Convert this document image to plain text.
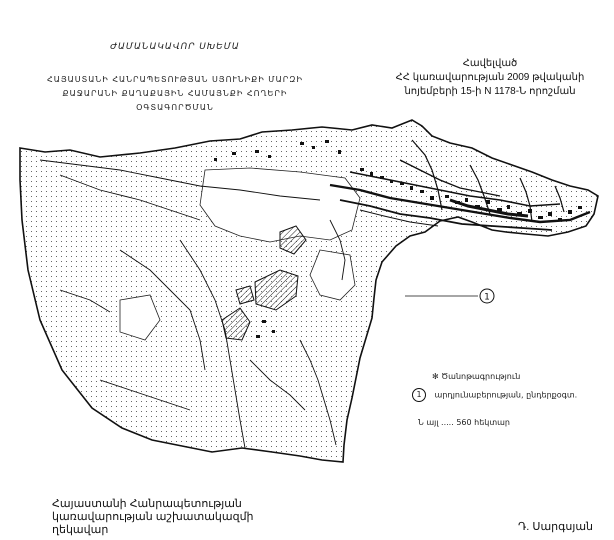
ԺԱՄԱՆԱԿԱՎՈՐ ՍԽԵՄԱ
ՀԱՅԱՍՏԱՆԻ ՀԱՆՐԱՊԵՏՈՒԹՅԱՆ ՍՅՈՒՆԻՔԻ ՄԱՐԶԻ
ՔԱՋԱՐԱՆԻ ՔԱՂԱՔԱՅԻՆ ՀԱՄԱՅՆՔԻ ՀՈՂԵՐԻ
ՕԳՏԱԳՈՐԾՄԱՆ
Հավելված
ՀՀ կառավարության 2009 թվականի
նոյեմբերի 15-ի N 1178-Ն որոշման
1
✻ Ծանոթագրություն
1 արդյունաբերության, ընդերքօգտ.
Ն այլ ..... 560 հեկտար
Հայաստանի Հանրապետության
կառավարության աշխատակազմի
ղեկավար	Դ. Սարգսյան
